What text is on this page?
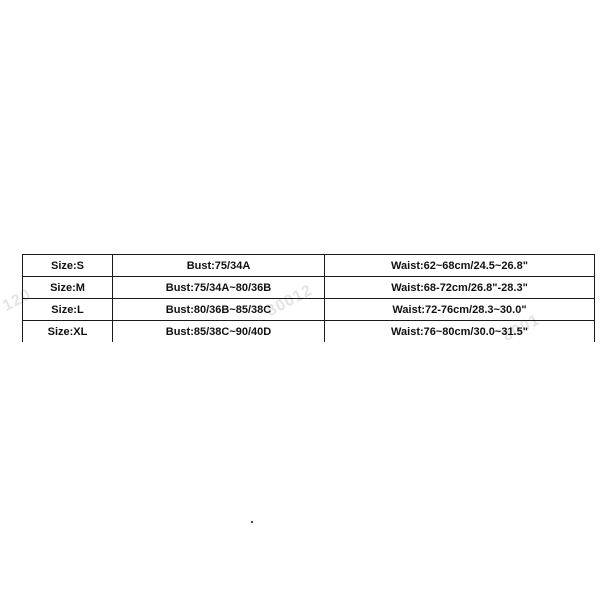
120	80012
8001
Size:S	Bust:75/34A	Waist:62~68cm/24.5~26.8"
Size:M	Bust:75/34A~80/36B	Waist:68-72cm/26.8"-28.3"
Size:L	Bust:80/36B~85/38C	Waist:72-76cm/28.3~30.0"
Size:XL	Bust:85/38C~90/40D	Waist:76~80cm/30.0~31.5"
